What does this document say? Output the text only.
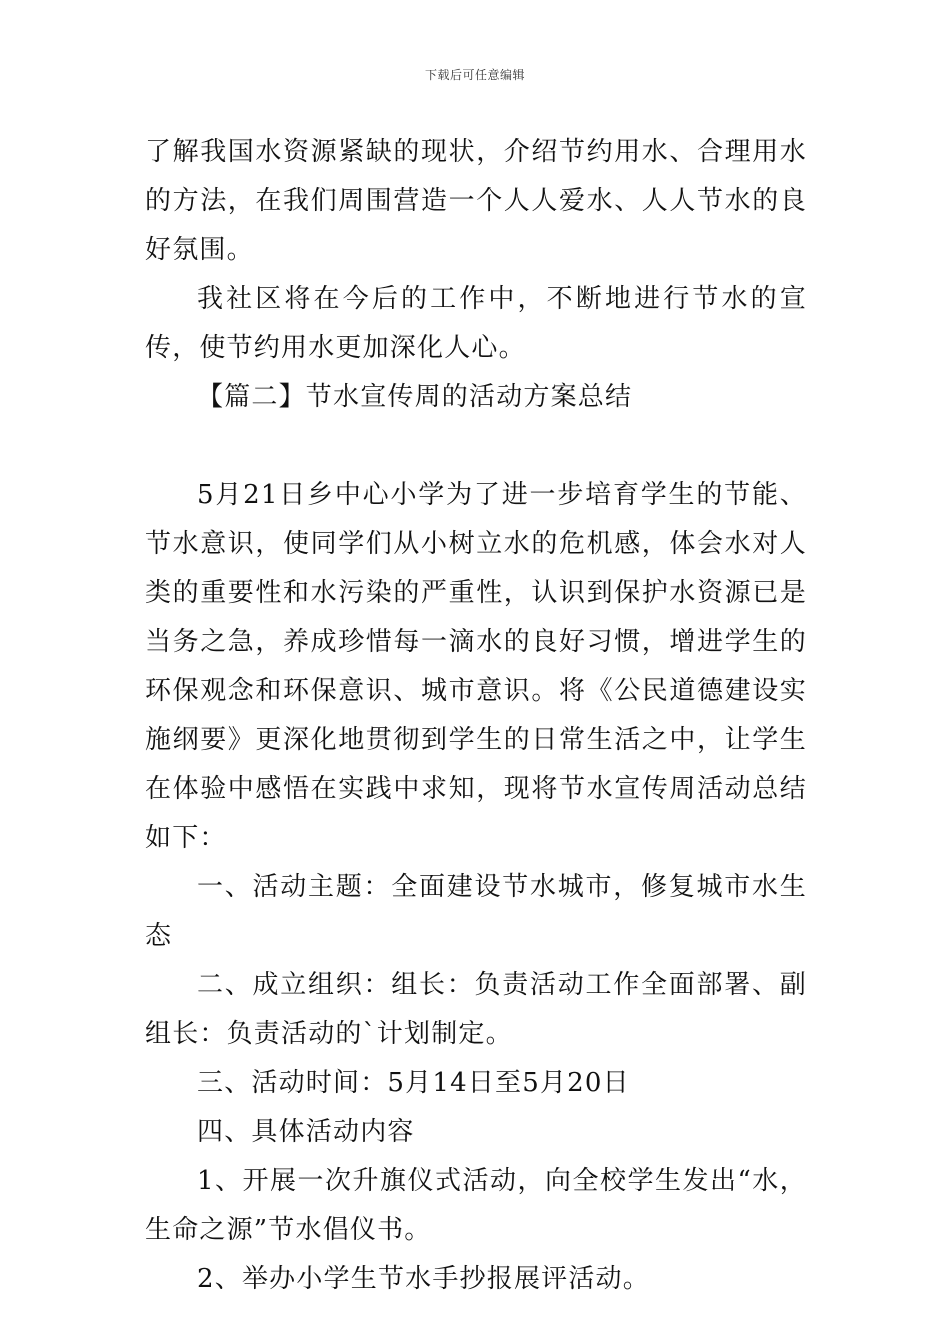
下载后可任意编辑

了解我国水资源紧缺的现状，介绍节约用水、合理用水的方法，在我们周围营造一个人人爱水、人人节水的良好氛围。

我社区将在今后的工作中，不断地进行节水的宣传，使节约用水更加深化人心。

【篇二】节水宣传周的活动方案总结

5月21日乡中心小学为了进一步培育学生的节能、节水意识，使同学们从小树立水的危机感，体会水对人类的重要性和水污染的严重性，认识到保护水资源已是当务之急，养成珍惜每一滴水的良好习惯，增进学生的环保观念和环保意识、城市意识。将《公民道德建设实施纲要》更深化地贯彻到学生的日常生活之中，让学生在体验中感悟在实践中求知，现将节水宣传周活动总结如下：

一、活动主题：全面建设节水城市，修复城市水生态

二、成立组织：组长：负责活动工作全面部署、副组长：负责活动的`计划制定。

三、活动时间：5月14日至5月20日

四、具体活动内容

1、开展一次升旗仪式活动，向全校学生发出“水，生命之源”节水倡仪书。

2、举办小学生节水手抄报展评活动。
